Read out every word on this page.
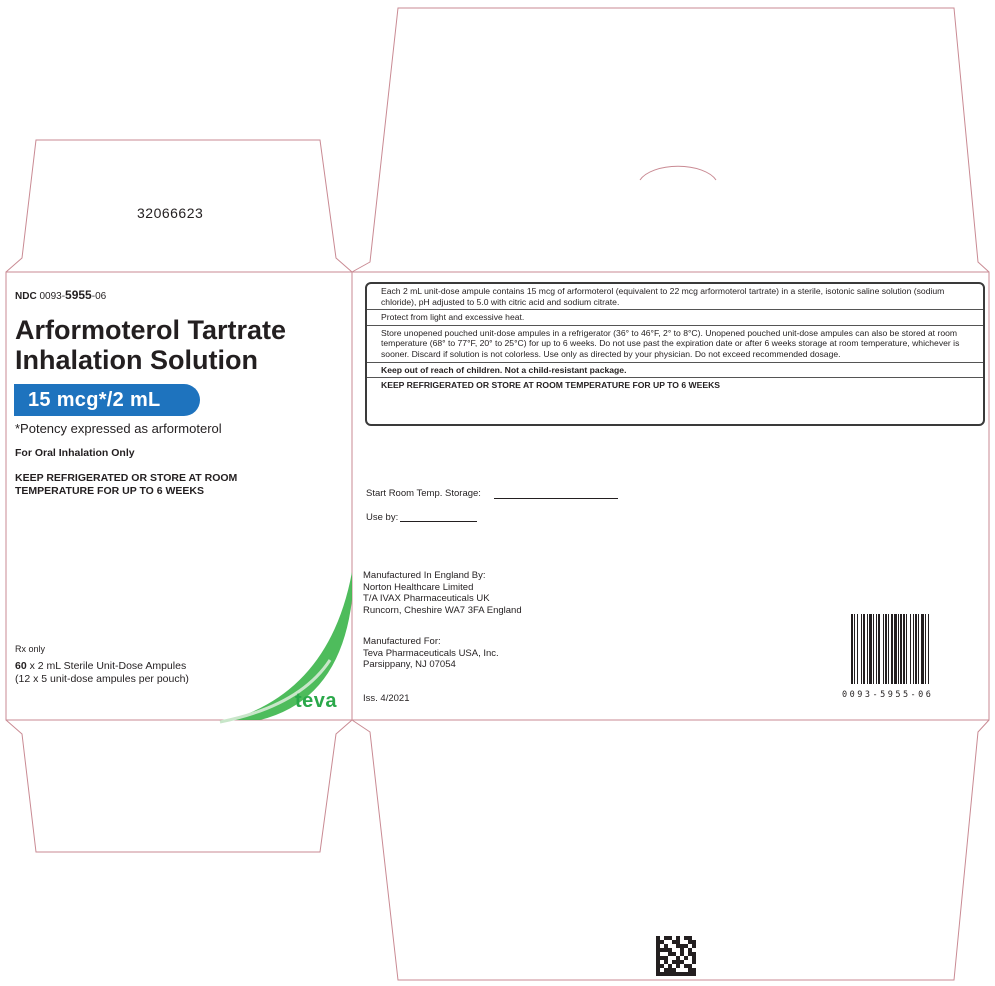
32066623
NDC 0093-5955-06
Arformoterol Tartrate
Inhalation Solution
15 mcg*/2 mL
*Potency expressed as arformoterol
For Oral Inhalation Only
KEEP REFRIGERATED OR STORE AT ROOM
TEMPERATURE FOR UP TO 6 WEEKS
Rx only
60 x 2 mL Sterile Unit-Dose Ampules
(12 x 5 unit-dose ampules per pouch)
teva
Each 2 mL unit-dose ampule contains 15 mcg of arformoterol (equivalent to 22 mcg arformoterol tartrate) in a sterile, isotonic saline solution (sodium chloride), pH adjusted to 5.0 with citric acid and sodium citrate.
Protect from light and excessive heat.
Store unopened pouched unit-dose ampules in a refrigerator (36° to 46°F, 2° to 8°C). Unopened pouched unit-dose ampules can also be stored at room temperature (68° to 77°F, 20° to 25°C) for up to 6 weeks. Do not use past the expiration date or after 6 weeks storage at room temperature, whichever is sooner. Discard if solution is not colorless. Use only as directed by your physician. Do not exceed recommended dosage.
Keep out of reach of children. Not a child-resistant package.
KEEP REFRIGERATED OR STORE AT ROOM TEMPERATURE FOR UP TO 6 WEEKS
Start Room Temp. Storage:
Use by:
Manufactured In England By:
Norton Healthcare Limited
T/A IVAX Pharmaceuticals UK
Runcorn, Cheshire WA7 3FA England
Manufactured For:
Teva Pharmaceuticals USA, Inc.
Parsippany, NJ 07054
Iss. 4/2021	0093-5955-06
